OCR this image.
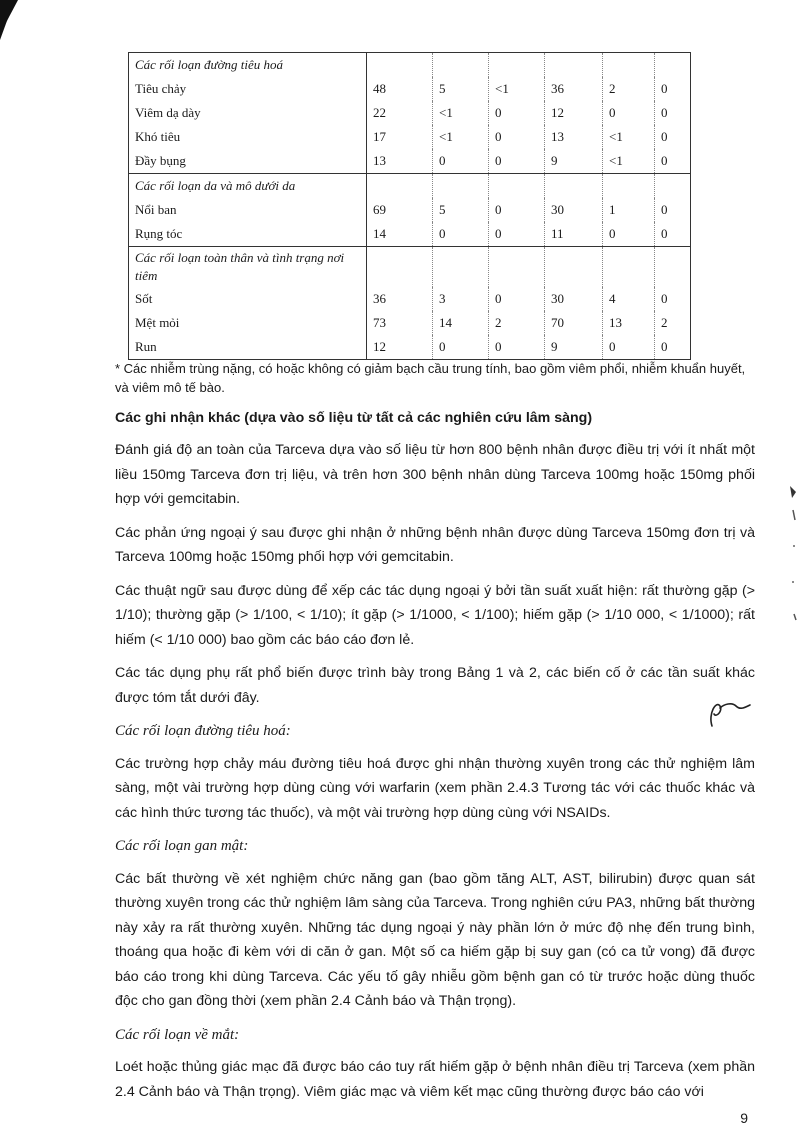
Các rối loạn đường tiêu hoá						
Tiêu chảy	48	5	<1	36	2	0
Viêm dạ dày	22	<1	0	12	0	0
Khó tiêu	17	<1	0	13	<1	0
Đầy bụng	13	0	0	9	<1	0
Các rối loạn da và mô dưới da						
Nổi ban	69	5	0	30	1	0
Rụng tóc	14	0	0	11	0	0
Các rối loạn toàn thân và tình trạng nơi tiêm						
Sốt	36	3	0	30	4	0
Mệt mỏi	73	14	2	70	13	2
Run	12	0	0	9	0	0
* Các nhiễm trùng nặng, có hoặc không có giảm bạch cầu trung tính, bao gồm viêm phổi, nhiễm khuẩn huyết, và viêm mô tế bào.
Các ghi nhận khác (dựa vào số liệu từ tất cả các nghiên cứu lâm sàng)

Đánh giá độ an toàn của Tarceva dựa vào số liệu từ hơn 800 bệnh nhân được điều trị với ít nhất một liều 150mg Tarceva đơn trị liệu, và trên hơn 300 bệnh nhân dùng Tarceva 100mg hoặc 150mg phối hợp với gemcitabin.

Các phản ứng ngoại ý sau được ghi nhận ở những bệnh nhân được dùng Tarceva 150mg đơn trị và Tarceva 100mg hoặc 150mg phối hợp với gemcitabin.

Các thuật ngữ sau được dùng để xếp các tác dụng ngoại ý bởi tần suất xuất hiện: rất thường gặp (> 1/10); thường gặp (> 1/100, < 1/10); ít gặp (> 1/1000, < 1/100); hiếm gặp (> 1/10 000, < 1/1000); rất hiếm (< 1/10 000) bao gồm các báo cáo đơn lẻ.

Các tác dụng phụ rất phổ biến được trình bày trong Bảng 1 và 2, các biến cố ở các tần suất khác được tóm tắt dưới đây.

Các rối loạn đường tiêu hoá:

Các trường hợp chảy máu đường tiêu hoá được ghi nhận thường xuyên trong các thử nghiệm lâm sàng, một vài trường hợp dùng cùng với warfarin (xem phần 2.4.3 Tương tác với các thuốc khác và các hình thức tương tác thuốc), và một vài trường hợp dùng cùng với NSAIDs.

Các rối loạn gan mật:

Các bất thường về xét nghiệm chức năng gan (bao gồm tăng ALT, AST, bilirubin) được quan sát thường xuyên trong các thử nghiệm lâm sàng của Tarceva. Trong nghiên cứu PA3, những bất thường này xảy ra rất thường xuyên. Những tác dụng ngoại ý này phần lớn ở mức độ nhẹ đến trung bình, thoáng qua hoặc đi kèm với di căn ở gan. Một số ca hiếm gặp bị suy gan (có ca tử vong) đã được báo cáo trong khi dùng Tarceva. Các yếu tố gây nhiễu gồm bệnh gan có từ trước hoặc dùng thuốc độc cho gan đồng thời (xem phần 2.4 Cảnh báo và Thận trọng).

Các rối loạn về mắt:

Loét hoặc thủng giác mạc đã được báo cáo tuy rất hiếm gặp ở bệnh nhân điều trị Tarceva (xem phần 2.4 Cảnh báo và Thận trọng). Viêm giác mạc và viêm kết mạc cũng thường được báo cáo với

9
